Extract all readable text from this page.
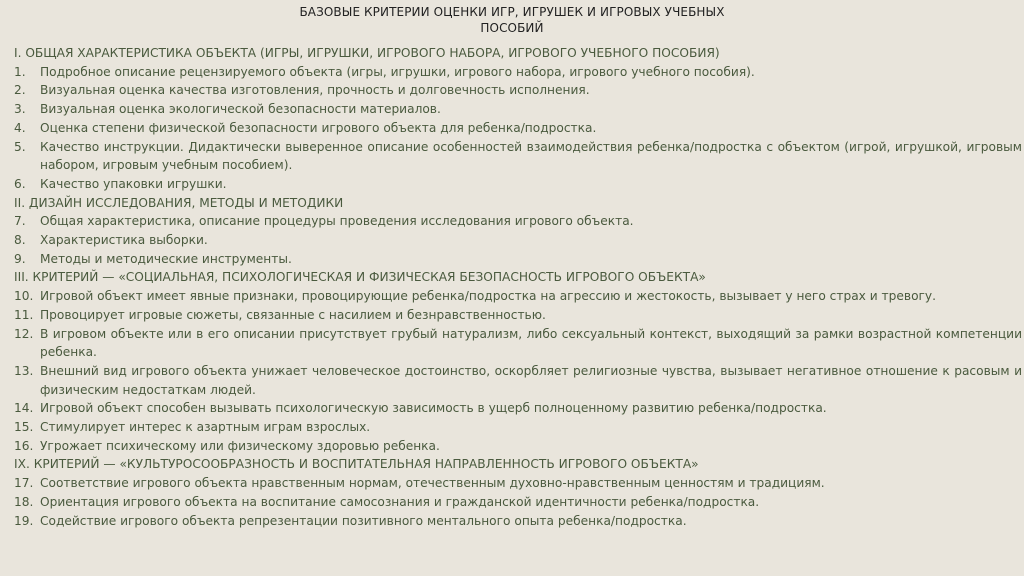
БАЗОВЫЕ КРИТЕРИИ ОЦЕНКИ ИГР, ИГРУШЕК И ИГРОВЫХ УЧЕБНЫХ
ПОСОБИЙ
I. ОБЩАЯ ХАРАКТЕРИСТИКА ОБЪЕКТА (ИГРЫ, ИГРУШКИ, ИГРОВОГО НАБОРА, ИГРОВОГО УЧЕБНОГО ПОСОБИЯ)
1.	Подробное описание рецензируемого объекта (игры, игрушки, игрового набора, игрового учебного пособия).
2.	Визуальная оценка качества изготовления, прочность и долговечность исполнения.
3.	Визуальная оценка экологической безопасности материалов.
4.	Оценка степени физической безопасности игрового объекта для ребенка/подростка.
5.	Качество инструкции. Дидактически выверенное описание особенностей взаимодействия ребенка/подростка с объектом (игрой, игрушкой, игровым набором, игровым учебным пособием).
6.	Качество упаковки игрушки.
II. ДИЗАЙН ИССЛЕДОВАНИЯ, МЕТОДЫ И МЕТОДИКИ
7.	Общая характеристика, описание процедуры проведения исследования игрового объекта.
8.	Характеристика выборки.
9.	Методы и методические инструменты.
III. КРИТЕРИЙ — «СОЦИАЛЬНАЯ, ПСИХОЛОГИЧЕСКАЯ И ФИЗИЧЕСКАЯ БЕЗОПАСНОСТЬ ИГРОВОГО ОБЪЕКТА»
10. Игровой объект имеет явные признаки, провоцирующие ребенка/подростка на агрессию и жестокость, вызывает у него страх и тревогу.
11. Провоцирует игровые сюжеты, связанные с насилием и безнравственностью.
12. В игровом объекте или в его описании присутствует грубый натурализм, либо сексуальный контекст, выходящий за рамки возрастной компетенции ребенка.
13. Внешний вид игрового объекта унижает человеческое достоинство, оскорбляет религиозные чувства, вызывает негативное отношение к расовым и физическим недостаткам людей.
14. Игровой объект способен вызывать психологическую зависимость в ущерб полноценному развитию ребенка/подростка.
15. Стимулирует интерес к азартным играм взрослых.
16. Угрожает психическому или физическому здоровью ребенка.
IX. КРИТЕРИЙ — «КУЛЬТУРОСООБРАЗНОСТЬ И ВОСПИТАТЕЛЬНАЯ НАПРАВЛЕННОСТЬ ИГРОВОГО ОБЪЕКТА»
17. Соответствие игрового объекта нравственным нормам, отечественным духовно-нравственным ценностям и традициям.
18. Ориентация игрового объекта на воспитание самосознания и гражданской идентичности ребенка/подростка.
19. Содействие игрового объекта репрезентации позитивного ментального опыта ребенка/подростка.
